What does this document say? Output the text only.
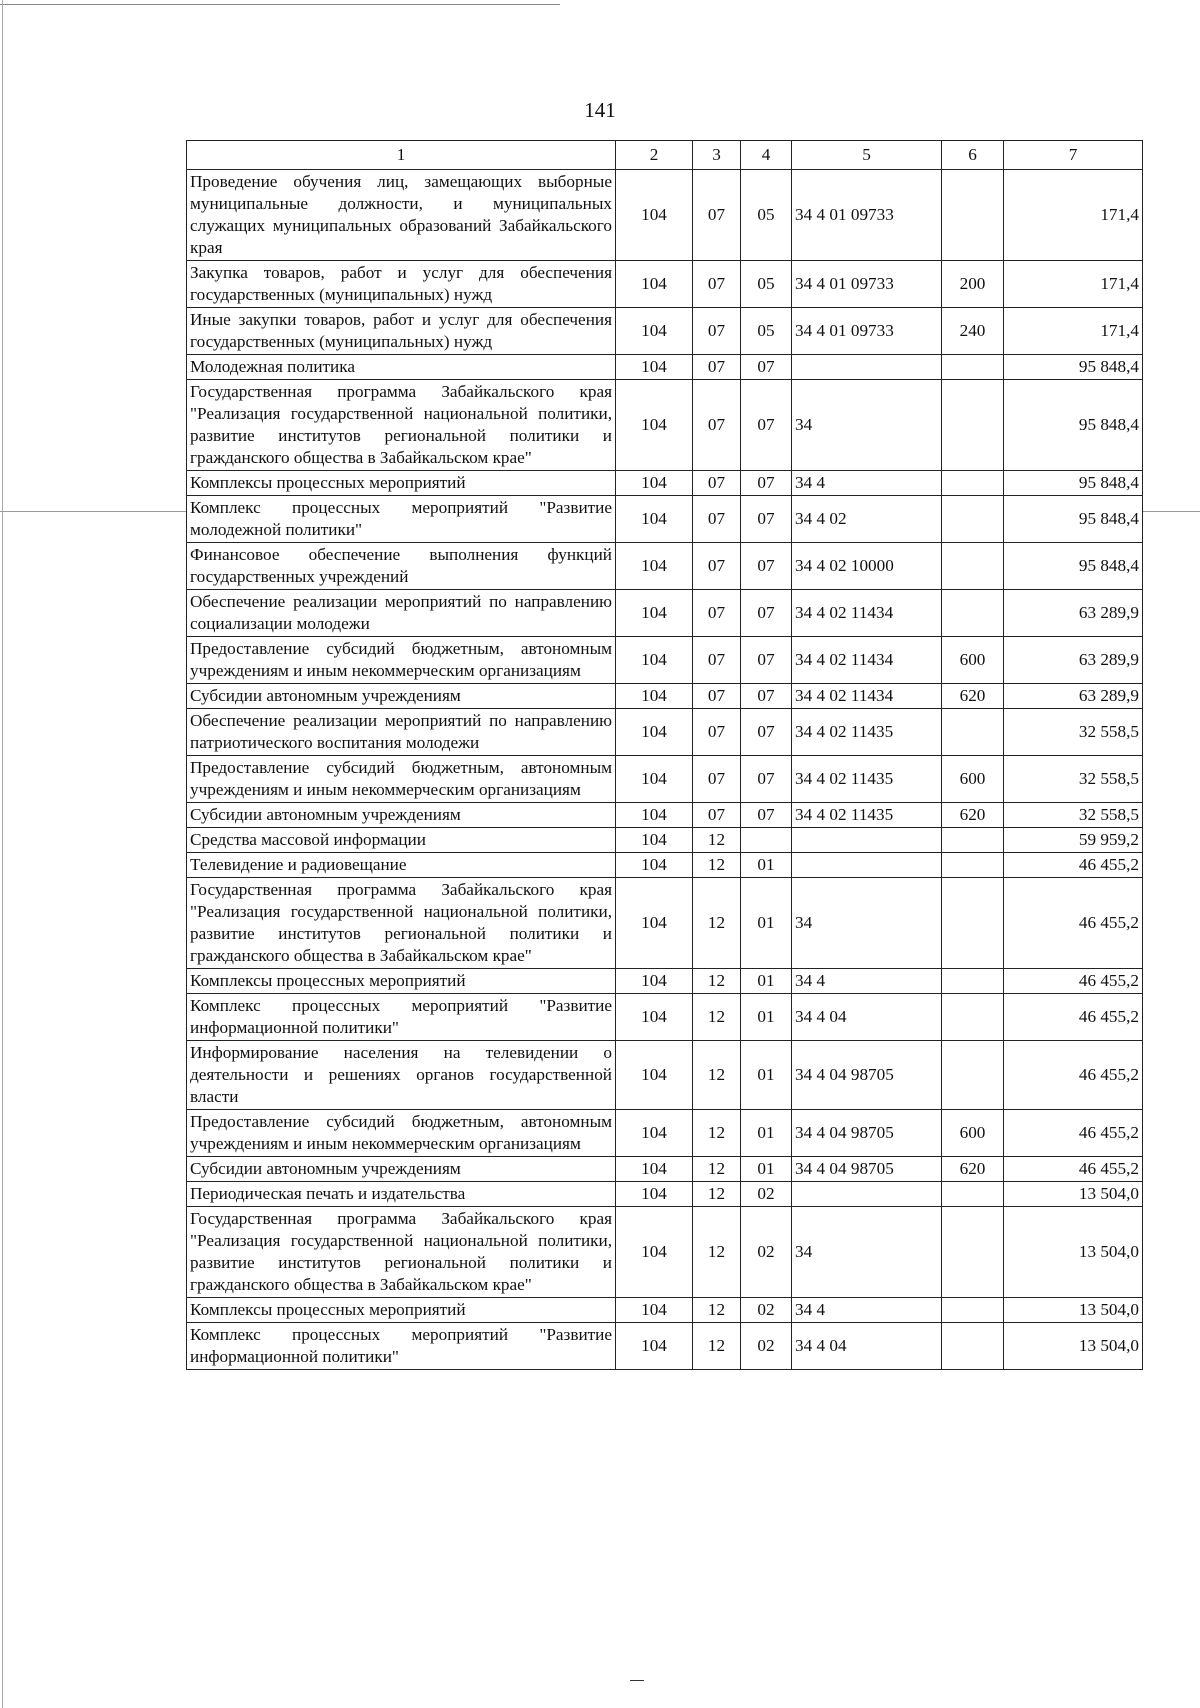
141
1	2	3	4	5	6	7
Проведение обучения лиц, замещающих выборные муниципальные должности, и муниципальных служащих муниципальных образований Забайкальского края	104	07	05	34 4 01 09733		171,4
Закупка товаров, работ и услуг для обеспечения государственных (муниципальных) нужд	104	07	05	34 4 01 09733	200	171,4
Иные закупки товаров, работ и услуг для обеспечения государственных (муниципальных) нужд	104	07	05	34 4 01 09733	240	171,4
Молодежная политика	104	07	07			95 848,4
Государственная программа Забайкальского края "Реализация государственной национальной политики, развитие институтов региональной политики и гражданского общества в Забайкальском крае"	104	07	07	34		95 848,4
Комплексы процессных мероприятий	104	07	07	34 4		95 848,4
Комплекс процессных мероприятий "Развитие молодежной политики"	104	07	07	34 4 02		95 848,4
Финансовое обеспечение выполнения функций государственных учреждений	104	07	07	34 4 02 10000		95 848,4
Обеспечение реализации мероприятий по направлению социализации молодежи	104	07	07	34 4 02 11434		63 289,9
Предоставление субсидий бюджетным, автономным учреждениям и иным некоммерческим организациям	104	07	07	34 4 02 11434	600	63 289,9
Субсидии автономным учреждениям	104	07	07	34 4 02 11434	620	63 289,9
Обеспечение реализации мероприятий по направлению патриотического воспитания молодежи	104	07	07	34 4 02 11435		32 558,5
Предоставление субсидий бюджетным, автономным учреждениям и иным некоммерческим организациям	104	07	07	34 4 02 11435	600	32 558,5
Субсидии автономным учреждениям	104	07	07	34 4 02 11435	620	32 558,5
Средства массовой информации	104	12				59 959,2
Телевидение и радиовещание	104	12	01			46 455,2
Государственная программа Забайкальского края "Реализация государственной национальной политики, развитие институтов региональной политики и гражданского общества в Забайкальском крае"	104	12	01	34		46 455,2
Комплексы процессных мероприятий	104	12	01	34 4		46 455,2
Комплекс процессных мероприятий "Развитие информационной политики"	104	12	01	34 4 04		46 455,2
Информирование населения на телевидении о деятельности и решениях органов государственной власти	104	12	01	34 4 04 98705		46 455,2
Предоставление субсидий бюджетным, автономным учреждениям и иным некоммерческим организациям	104	12	01	34 4 04 98705	600	46 455,2
Субсидии автономным учреждениям	104	12	01	34 4 04 98705	620	46 455,2
Периодическая печать и издательства	104	12	02			13 504,0
Государственная программа Забайкальского края "Реализация государственной национальной политики, развитие институтов региональной политики и гражданского общества в Забайкальском крае"	104	12	02	34		13 504,0
Комплексы процессных мероприятий	104	12	02	34 4		13 504,0
Комплекс процессных мероприятий "Развитие информационной политики"	104	12	02	34 4 04		13 504,0
